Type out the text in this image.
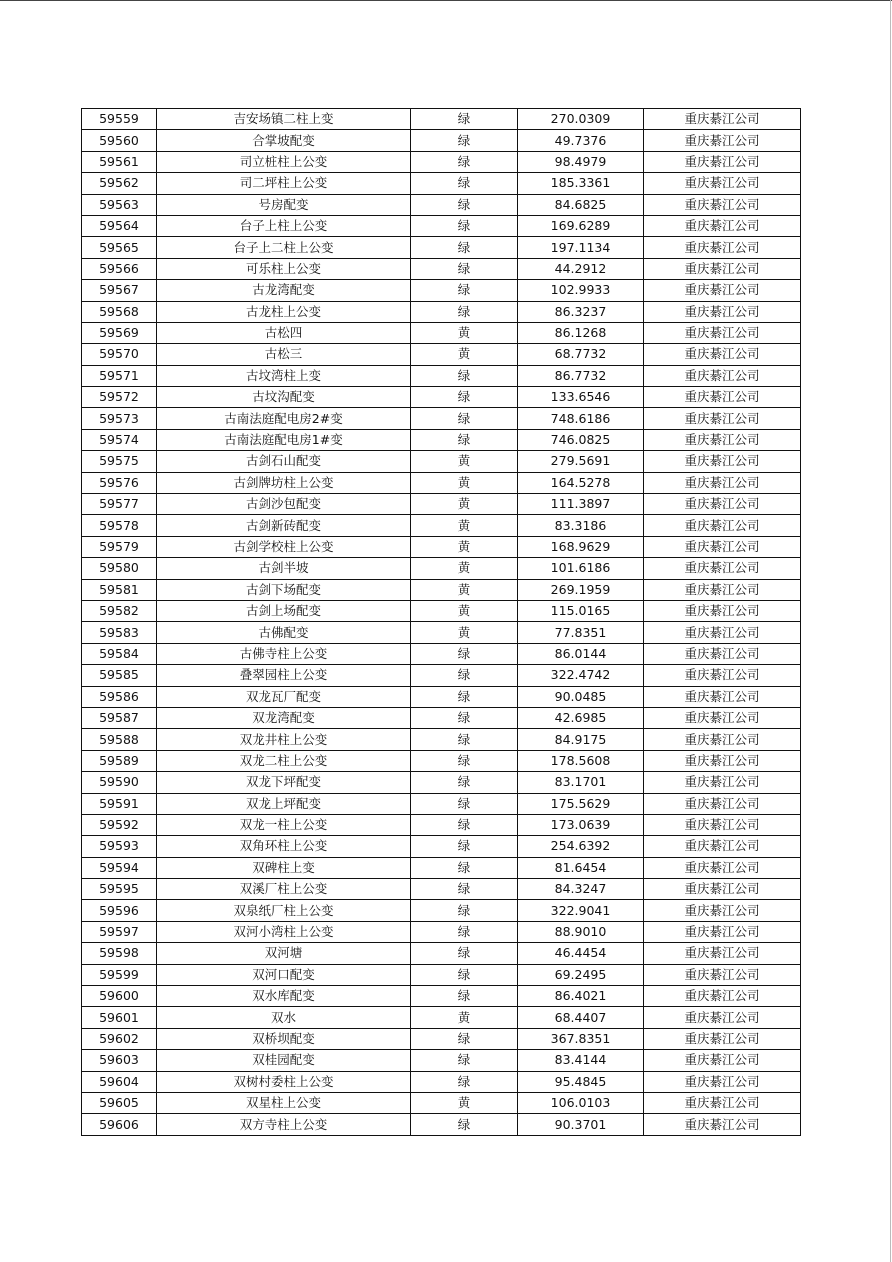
59559	吉安场镇二柱上变	绿	270.0309	重庆綦江公司
59560	合掌坡配变	绿	49.7376	重庆綦江公司
59561	司立桩柱上公变	绿	98.4979	重庆綦江公司
59562	司二坪柱上公变	绿	185.3361	重庆綦江公司
59563	号房配变	绿	84.6825	重庆綦江公司
59564	台子上柱上公变	绿	169.6289	重庆綦江公司
59565	台子上二柱上公变	绿	197.1134	重庆綦江公司
59566	可乐柱上公变	绿	44.2912	重庆綦江公司
59567	古龙湾配变	绿	102.9933	重庆綦江公司
59568	古龙柱上公变	绿	86.3237	重庆綦江公司
59569	古松四	黄	86.1268	重庆綦江公司
59570	古松三	黄	68.7732	重庆綦江公司
59571	古坟湾柱上变	绿	86.7732	重庆綦江公司
59572	古坟沟配变	绿	133.6546	重庆綦江公司
59573	古南法庭配电房2#变	绿	748.6186	重庆綦江公司
59574	古南法庭配电房1#变	绿	746.0825	重庆綦江公司
59575	古剑石山配变	黄	279.5691	重庆綦江公司
59576	古剑牌坊柱上公变	黄	164.5278	重庆綦江公司
59577	古剑沙包配变	黄	111.3897	重庆綦江公司
59578	古剑新砖配变	黄	83.3186	重庆綦江公司
59579	古剑学校柱上公变	黄	168.9629	重庆綦江公司
59580	古剑半坡	黄	101.6186	重庆綦江公司
59581	古剑下场配变	黄	269.1959	重庆綦江公司
59582	古剑上场配变	黄	115.0165	重庆綦江公司
59583	古佛配变	黄	77.8351	重庆綦江公司
59584	古佛寺柱上公变	绿	86.0144	重庆綦江公司
59585	叠翠园柱上公变	绿	322.4742	重庆綦江公司
59586	双龙瓦厂配变	绿	90.0485	重庆綦江公司
59587	双龙湾配变	绿	42.6985	重庆綦江公司
59588	双龙井柱上公变	绿	84.9175	重庆綦江公司
59589	双龙二柱上公变	绿	178.5608	重庆綦江公司
59590	双龙下坪配变	绿	83.1701	重庆綦江公司
59591	双龙上坪配变	绿	175.5629	重庆綦江公司
59592	双龙一柱上公变	绿	173.0639	重庆綦江公司
59593	双角环柱上公变	绿	254.6392	重庆綦江公司
59594	双碑柱上变	绿	81.6454	重庆綦江公司
59595	双溪厂柱上公变	绿	84.3247	重庆綦江公司
59596	双泉纸厂柱上公变	绿	322.9041	重庆綦江公司
59597	双河小湾柱上公变	绿	88.9010	重庆綦江公司
59598	双河塘	绿	46.4454	重庆綦江公司
59599	双河口配变	绿	69.2495	重庆綦江公司
59600	双水库配变	绿	86.4021	重庆綦江公司
59601	双水	黄	68.4407	重庆綦江公司
59602	双桥坝配变	绿	367.8351	重庆綦江公司
59603	双桂园配变	绿	83.4144	重庆綦江公司
59604	双树村委柱上公变	绿	95.4845	重庆綦江公司
59605	双星柱上公变	黄	106.0103	重庆綦江公司
59606	双方寺柱上公变	绿	90.3701	重庆綦江公司
